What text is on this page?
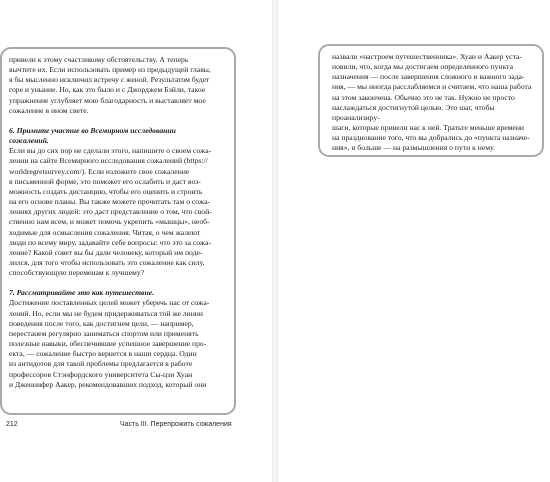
привели к этому счастливому обстоятельству. А теперь
вычтите их. Если использовать пример из предыдущей главы,
я бы мысленно исключил встречу с женой. Результатом будет
горе и уныние. Но, как это было и с Джорджем Бэйли, такое
упражнение углубляет мою благодарность и выставляет мое
сожаление в ином свете.
6. Примите участие во Всемирном исследовании
сожалений.
Если вы до сих пор не сделали этого, напишите о своем сожа-
лении на сайте Всемирного исследования сожалений (https://
worldregretsurvey.com/). Если изложите свое сожаление
в письменной форме, это поможет его ослабить и даст воз-
можность создать дистанцию, чтобы его оценить и строить
на его основе планы. Вы также можете прочитать там о сожа-
лениях других людей: это даст представление о том, что свой-
ственно нам всем, и может помочь укрепить «мышцы», необ-
ходимые для осмысления сожаления. Читая, о чем жалеют
люди по всему миру, задавайте себе вопросы: что это за сожа-
ление? Какой совет вы бы дали человеку, который им поде-
лился, для того чтобы использовать это сожаление как силу,
способствующую переменам к лучшему?
7. Рассматривайте это как путешествие.
Достижение поставленных целей может уберечь нас от сожа-
лений. Но, если мы не будем придерживаться той же линии
поведения после того, как достигнем цели, — например,
перестанем регулярно заниматься спортом или применять
полезные навыки, обеспечившие успешное завершение про-
екта, — сожаление быстро вернется в наши сердца. Один
из антидотов для такой проблемы предлагается в работе
профессоров Стэнфордского университета Сы-цзи Хуан
и Дженнифер Аакер, рекомендовавших подход, который они
назвали «настроем путешественника». Хуан и Аакер уста-
новили, что, когда мы достигаем определенного пункта
назначения — после завершения сложного и важного зада-
ния, — мы иногда расслабляемся и считаем, что наша работа
на этом закончена. Обычно это не так. Нужно не просто
наслаждаться достигнутой целью. Это шаг, чтобы проанализиру-
шаги, которые привели нас к ней. Тратьте меньше времени
на празднование того, что вы добрались до «пункта назначе-
ния», и больше — на размышления о пути к нему.
212	Часть III. Перепрожить сожаления
